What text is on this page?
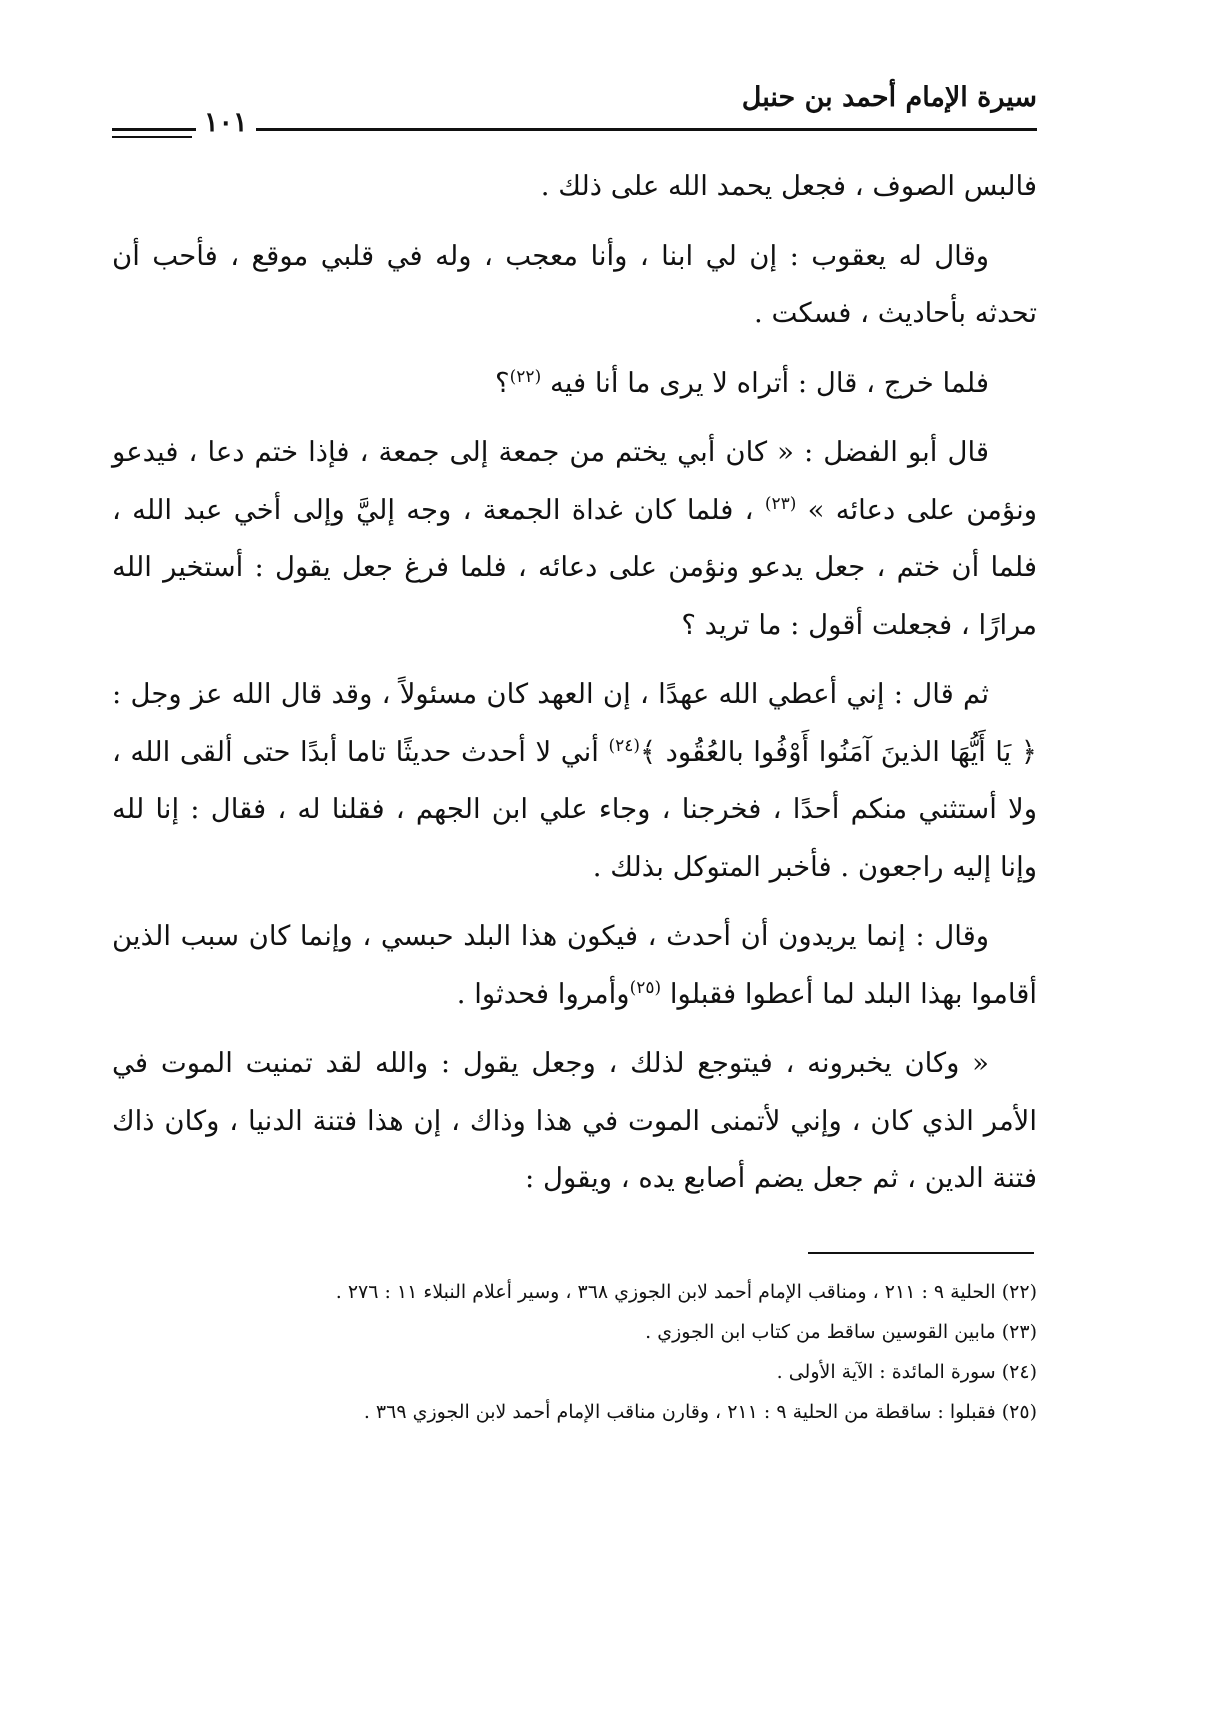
سيرة الإمام أحمد بن حنبل
١٠١

فالبس الصوف ، فجعل يحمد الله على ذلك .

وقال له يعقوب : إن لي ابنا ، وأنا معجب ، وله في قلبي موقع ، فأحب أن تحدثه بأحاديث ، فسكت .

فلما خرج ، قال : أتراه لا يرى ما أنا فيه $^{(٢٢)}$؟

قال أبو الفضل : « كان أبي يختم من جمعة إلى جمعة ، فإذا ختم دعا ، فيدعو ونؤمن على دعائه » $^{(٢٣)}$ ، فلما كان غداة الجمعة ، وجه إليَّ وإلى أخي عبد الله ، فلما أن ختم ، جعل يدعو ونؤمن على دعائه ، فلما فرغ جعل يقول : أستخير الله مرارًا ، فجعلت أقول : ما تريد ؟

ثم قال : إني أعطي الله عهدًا ، إن العهد كان مسئولاً ، وقد قال الله عز وجل : ﴿ يَا أَيُّهَا الذينَ آمَنُوا أَوْفُوا بالعُقُود ﴾$^{(٢٤)}$ أني لا أحدث حديثًا تاما أبدًا حتى ألقى الله ، ولا أستثني منكم أحدًا ، فخرجنا ، وجاء علي ابن الجهم ، فقلنا له ، فقال : إنا لله وإنا إليه راجعون . فأخبر المتوكل بذلك .

وقال : إنما يريدون أن أحدث ، فيكون هذا البلد حبسي ، وإنما كان سبب الذين أقاموا بهذا البلد لما أعطوا فقبلوا $^{(٢٥)}$وأمروا فحدثوا .

« وكان يخبرونه ، فيتوجع لذلك ، وجعل يقول : والله لقد تمنيت الموت في الأمر الذي كان ، وإني لأتمنى الموت في هذا وذاك ، إن هذا فتنة الدنيا ، وكان ذاك فتنة الدين ، ثم جعل يضم أصابع يده ، ويقول :

(٢٢) الحلية ٩ : ٢١١ ، ومناقب الإمام أحمد لابن الجوزي ٣٦٨ ، وسير أعلام النبلاء ١١ : ٢٧٦ .
(٢٣) مابين القوسين ساقط من كتاب ابن الجوزي .
(٢٤) سورة المائدة : الآية الأولى .
(٢٥) فقبلوا : ساقطة من الحلية ٩ : ٢١١ ، وقارن مناقب الإمام أحمد لابن الجوزي ٣٦٩ .
